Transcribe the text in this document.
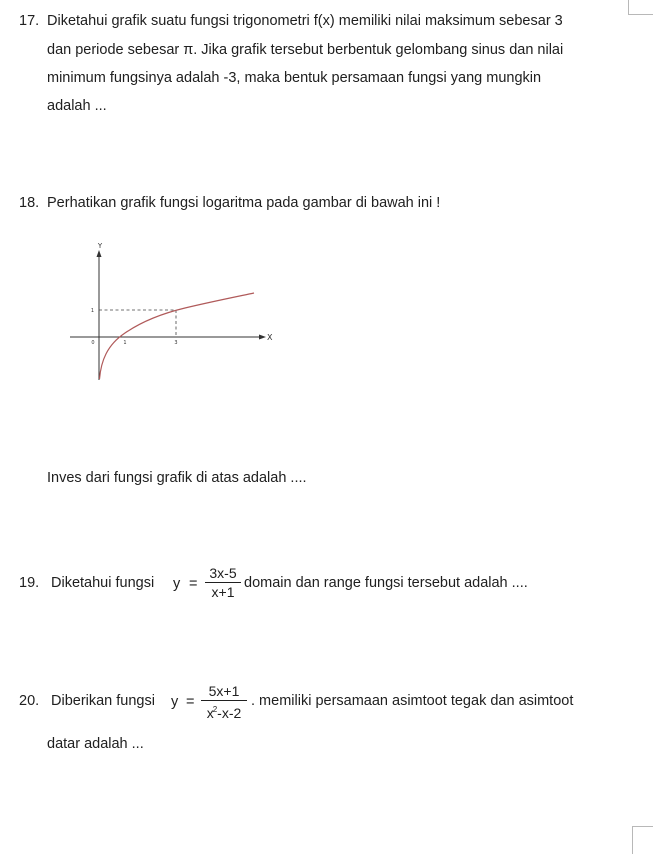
17. Diketahui grafik suatu fungsi trigonometri f(x) memiliki nilai maksimum sebesar 3
dan periode sebesar π. Jika grafik tersebut berbentuk gelombang sinus dan nilai
minimum fungsinya adalah -3, maka bentuk persamaan fungsi yang mungkin
adalah ...
18. Perhatikan grafik fungsi logaritma pada gambar di bawah ini !
Y
X
1
0	1	3
Inves dari fungsi grafik di atas adalah ....
19. Diketahui fungsi $y = \frac{3x-5}{x+1}$ domain dan range fungsi tersebut adalah ....
20. Diberikan fungsi $y = \frac{5x+1}{x^2-x-2}$ . memiliki persamaan asimtoot tegak dan asimtoot
datar adalah ...
